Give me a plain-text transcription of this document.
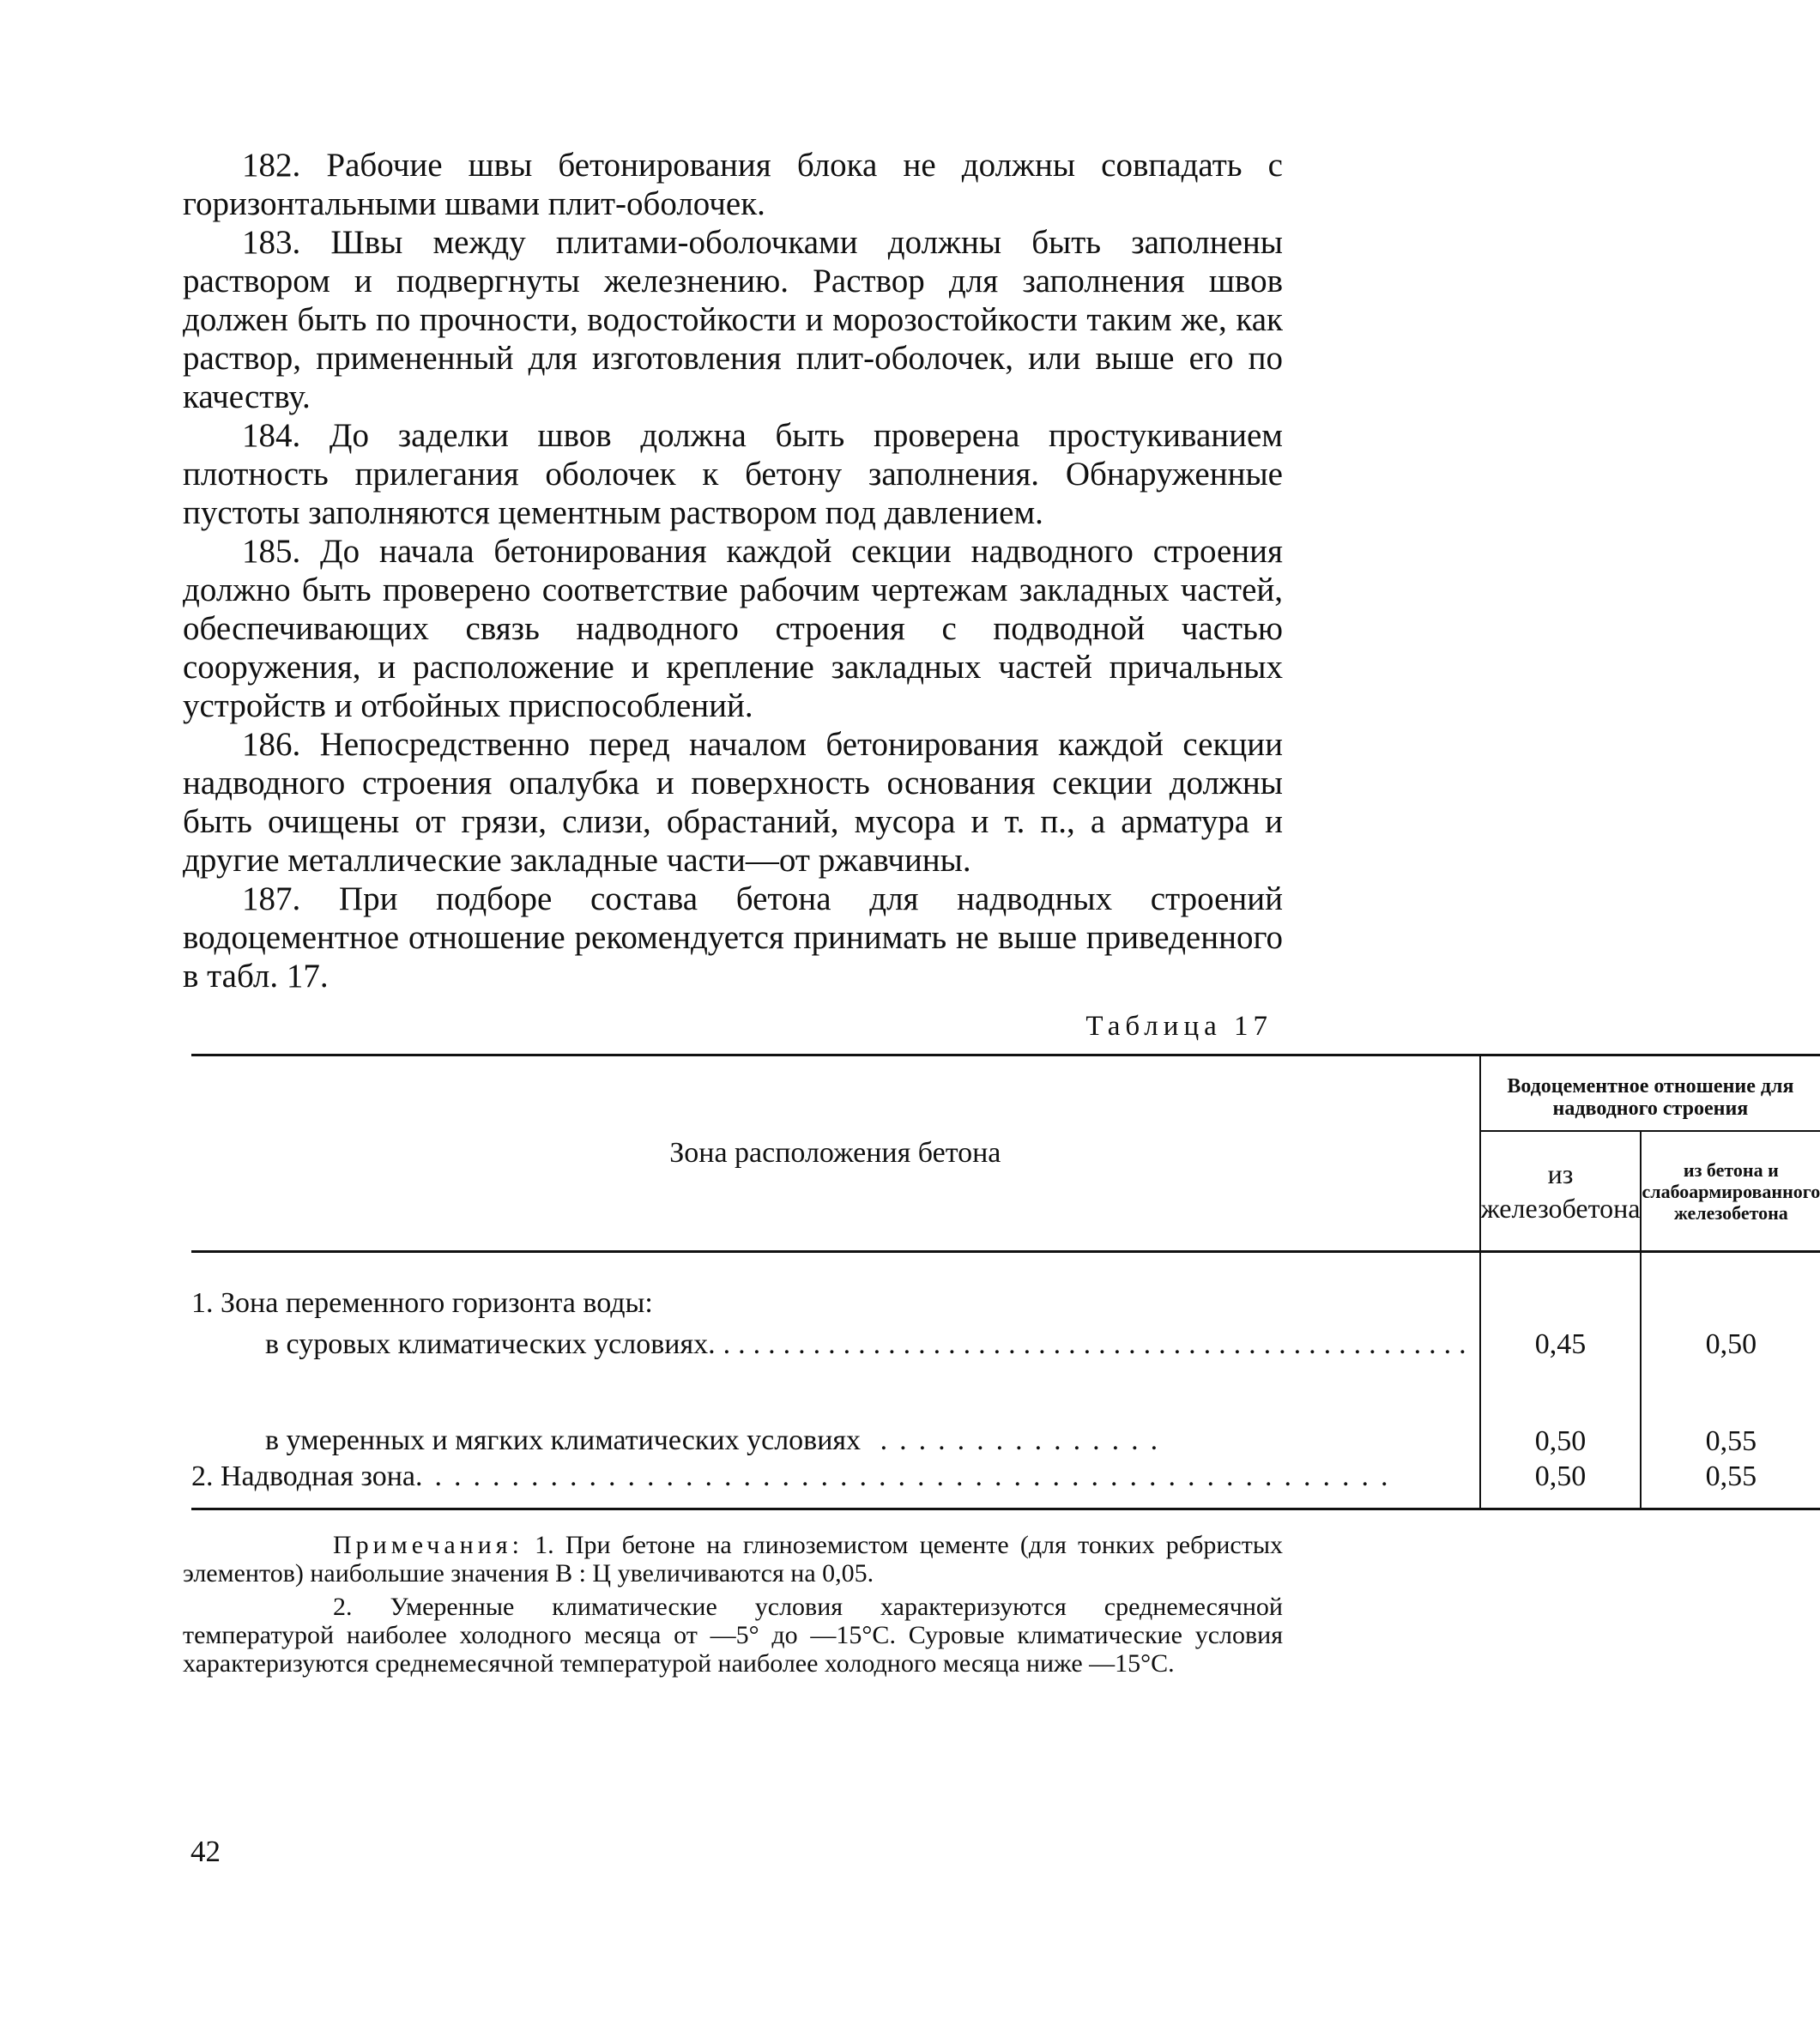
182. Рабочие швы бетонирования блока не должны совпадать с горизонтальными швами плит-оболочек.

183. Швы между плитами-оболочками должны быть заполнены раствором и подвергнуты железнению. Раствор для заполнения швов должен быть по прочности, водостойкости и морозостойкости таким же, как раствор, примененный для изготовления плит-оболочек, или выше его по качеству.

184. До заделки швов должна быть проверена простукиванием плотность прилегания оболочек к бетону заполнения. Обнаруженные пустоты заполняются цементным раствором под давлением.

185. До начала бетонирования каждой секции надводного строения должно быть проверено соответствие рабочим чертежам закладных частей, обеспечивающих связь надводного строения с подводной частью сооружения, и расположение и крепление закладных частей причальных устройств и отбойных приспособлений.

186. Непосредственно перед началом бетонирования каждой секции надводного строения опалубка и поверхность основания секции должны быть очищены от грязи, слизи, обрастаний, мусора и т. п., а арматура и другие металлические закладные части—от ржавчины.

187. При подборе состава бетона для надводных строений водоцементное отношение рекомендуется принимать не выше приведенного в табл. 17.

Таблица 17
Зона расположения бетона	Водоцементное отношение для надводного строения	
	из железобетона	из бетона и слабоармированного железобетона
1. Зона переменного горизонта воды:		

в суровых климатических условиях ...................................................	0,45	0,50

в умеренных и мягких климатических условиях ...............	0,50	0,55

2. Надводная зона ...................................................	0,50	0,55

Примечания: 1. При бетоне на глиноземистом цементе (для тонких ребристых элементов) наибольшие значения В : Ц увеличиваются на 0,05.

2. Умеренные климатические условия характеризуются среднемесячной температурой наиболее холодного месяца от —5° до —15°С. Суровые климатические условия характеризуются среднемесячной температурой наиболее холодного месяца ниже —15°С.

42
